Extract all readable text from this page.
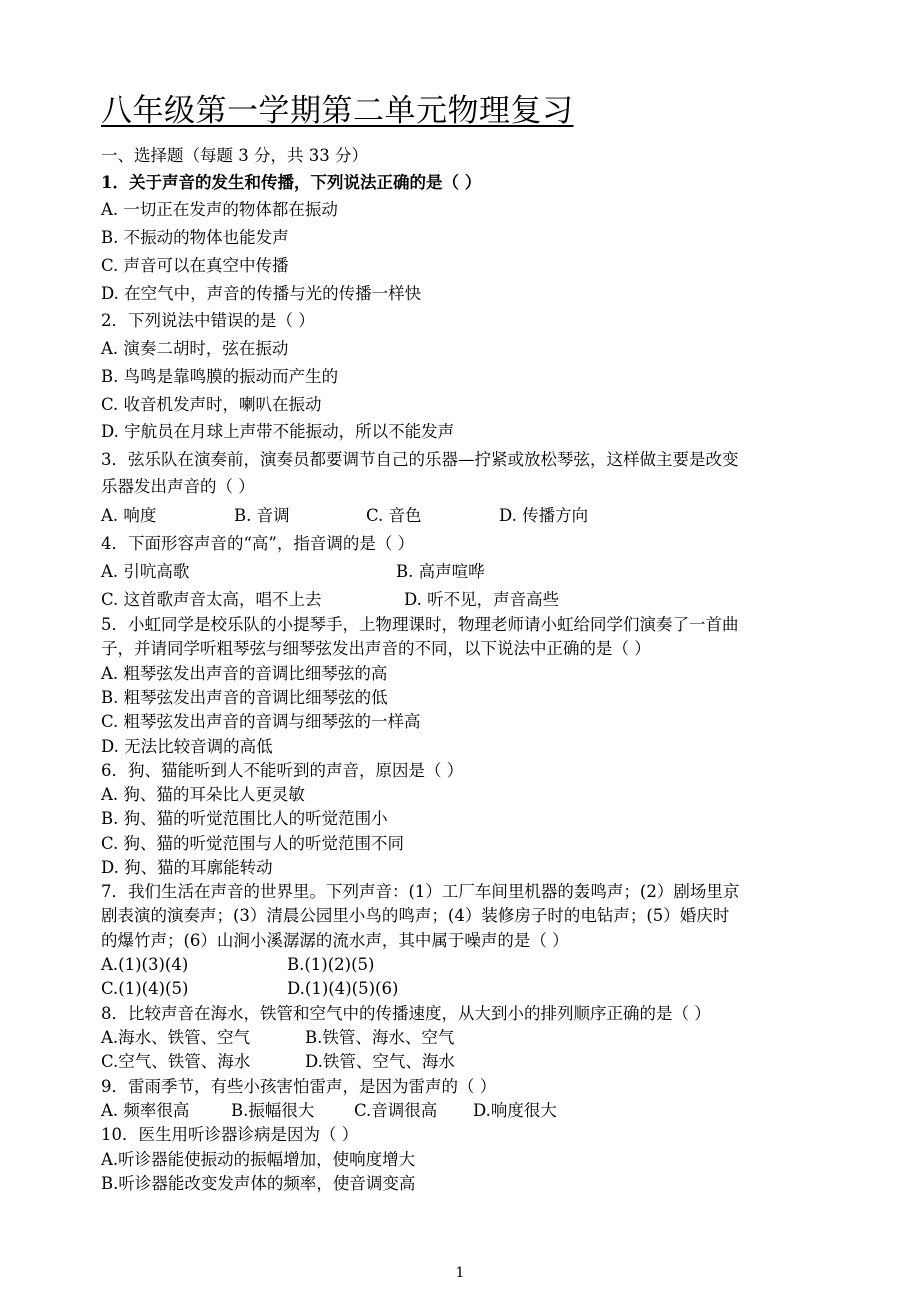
八年级第一学期第二单元物理复习
一、选择题（每题 3 分，共 33 分）
1．关于声音的发生和传播，下列说法正确的是（ ）
A. 一切正在发声的物体都在振动
B. 不振动的物体也能发声
C. 声音可以在真空中传播
D. 在空气中，声音的传播与光的传播一样快
2．下列说法中错误的是（ ）
A. 演奏二胡时，弦在振动
B. 鸟鸣是靠鸣膜的振动而产生的
C. 收音机发声时，喇叭在振动
D. 宇航员在月球上声带不能振动，所以不能发声
3．弦乐队在演奏前，演奏员都要调节自己的乐器—拧紧或放松琴弦，这样做主要是改变
乐器发出声音的（ ）
A. 响度	B. 音调	C. 音色	D. 传播方向
4．下面形容声音的“高”，指音调的是（ ）
A. 引吭高歌	B. 高声喧哗
C. 这首歌声音太高，唱不上去	D. 听不见，声音高些
5．小虹同学是校乐队的小提琴手，上物理课时，物理老师请小虹给同学们演奏了一首曲
子，并请同学听粗琴弦与细琴弦发出声音的不同，以下说法中正确的是（ ）
A. 粗琴弦发出声音的音调比细琴弦的高
B. 粗琴弦发出声音的音调比细琴弦的低
C. 粗琴弦发出声音的音调与细琴弦的一样高
D. 无法比较音调的高低
6．狗、猫能听到人不能听到的声音，原因是（ ）
A. 狗、猫的耳朵比人更灵敏
B. 狗、猫的听觉范围比人的听觉范围小
C. 狗、猫的听觉范围与人的听觉范围不同
D. 狗、猫的耳廓能转动
7．我们生活在声音的世界里。下列声音：(1）工厂车间里机器的轰鸣声；(2）剧场里京
剧表演的演奏声；(3）清晨公园里小鸟的鸣声；(4）装修房子时的电钻声；(5）婚庆时
的爆竹声；(6）山涧小溪潺潺的流水声，其中属于噪声的是（ ）
A.(1)(3)(4)	B.(1)(2)(5)
C.(1)(4)(5)	D.(1)(4)(5)(6)
8．比较声音在海水，铁管和空气中的传播速度，从大到小的排列顺序正确的是（ ）
A.海水、铁管、空气	B.铁管、海水、空气
C.空气、铁管、海水	D.铁管、空气、海水
9．雷雨季节，有些小孩害怕雷声，是因为雷声的（ ）
A. 频率很高	B.振幅很大 C.音调很高 D.响度很大
10．医生用听诊器诊病是因为（ ）
A.听诊器能使振动的振幅增加，使响度增大
B.听诊器能改变发声体的频率，使音调变高
1
